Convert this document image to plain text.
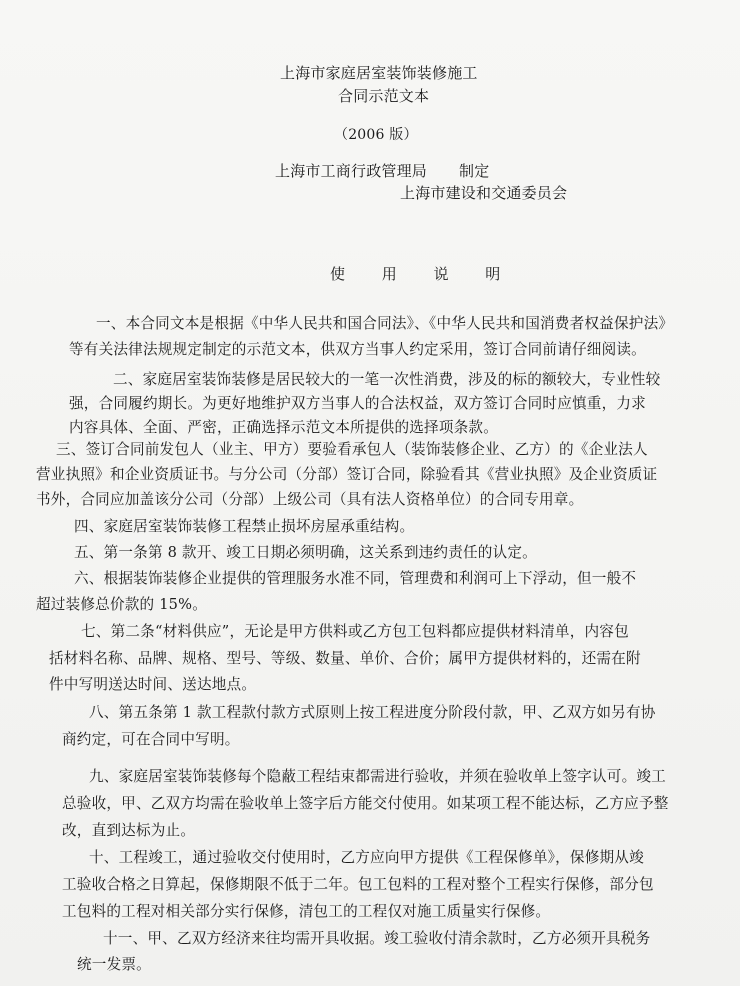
上海市家庭居室装饰装修施工
合同示范文本
（2006 版）
上海市工商行政管理局 制定
上海市建设和交通委员会
使 用 说 明
一、本合同文本是根据《中华人民共和国合同法》、《中华人民共和国消费者权益保护法》
等有关法律法规规定制定的示范文本，供双方当事人约定采用，签订合同前请仔细阅读。
二、家庭居室装饰装修是居民较大的一笔一次性消费，涉及的标的额较大，专业性较
强，合同履约期长。为更好地维护双方当事人的合法权益，双方签订合同时应慎重，力求
内容具体、全面、严密，正确选择示范文本所提供的选择项条款。
三、签订合同前发包人（业主、甲方）要验看承包人（装饰装修企业、乙方）的《企业法人
营业执照》和企业资质证书。与分公司（分部）签订合同，除验看其《营业执照》及企业资质证
书外，合同应加盖该分公司（分部）上级公司（具有法人资格单位）的合同专用章。
四、家庭居室装饰装修工程禁止损坏房屋承重结构。
五、第一条第 8 款开、竣工日期必须明确，这关系到违约责任的认定。
六、根据装饰装修企业提供的管理服务水准不同，管理费和利润可上下浮动，但一般不
超过装修总价款的 15%。
七、第二条“材料供应”，无论是甲方供料或乙方包工包料都应提供材料清单，内容包
括材料名称、品牌、规格、型号、等级、数量、单价、合价；属甲方提供材料的，还需在附
件中写明送达时间、送达地点。
八、第五条第 1 款工程款付款方式原则上按工程进度分阶段付款，甲、乙双方如另有协
商约定，可在合同中写明。
九、家庭居室装饰装修每个隐蔽工程结束都需进行验收，并须在验收单上签字认可。竣工
总验收，甲、乙双方均需在验收单上签字后方能交付使用。如某项工程不能达标，乙方应予整
改，直到达标为止。
十、工程竣工，通过验收交付使用时，乙方应向甲方提供《工程保修单》，保修期从竣
工验收合格之日算起，保修期限不低于二年。包工包料的工程对整个工程实行保修，部分包
工包料的工程对相关部分实行保修，清包工的工程仅对施工质量实行保修。
十一、甲、乙双方经济来往均需开具收据。竣工验收付清余款时，乙方必须开具税务
统一发票。
